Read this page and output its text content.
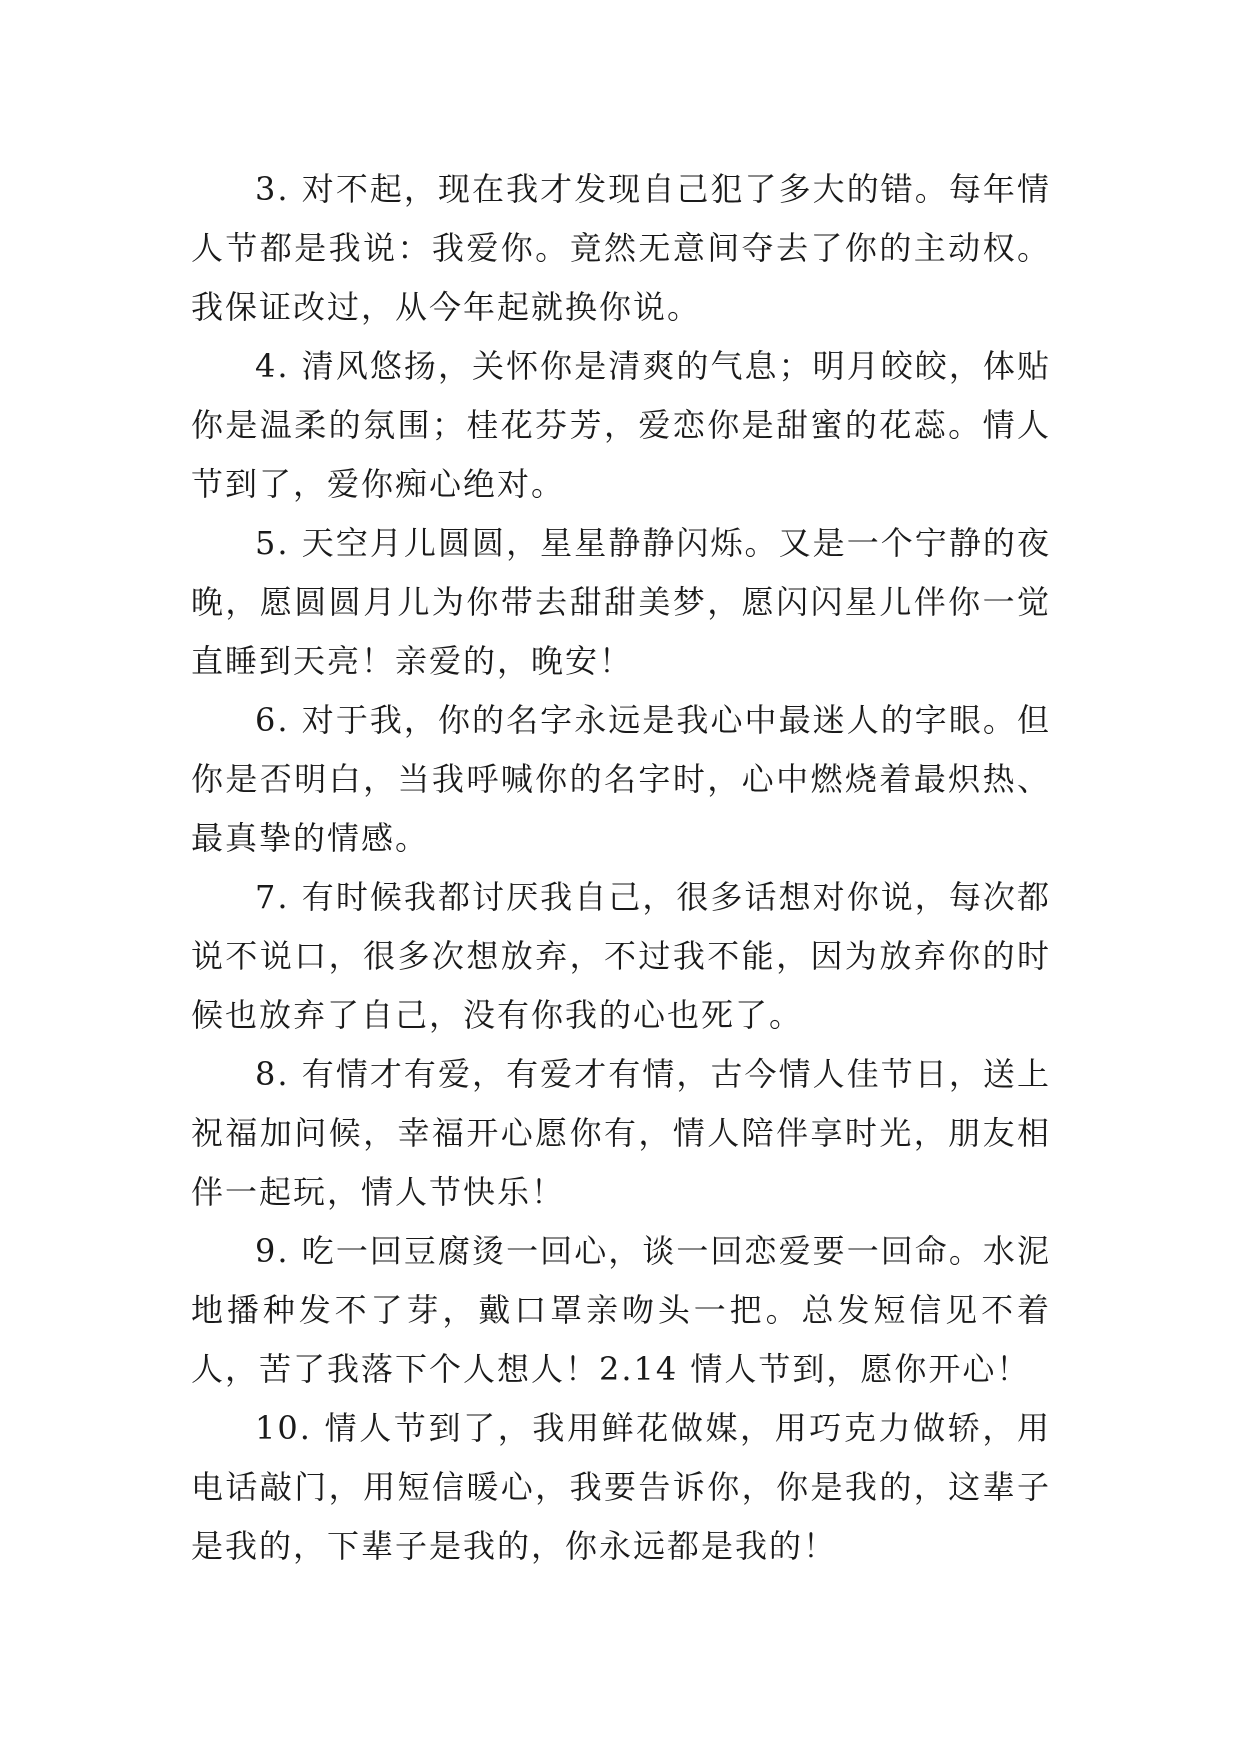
3. 对不起，现在我才发现自己犯了多大的错。每年情人节都是我说：我爱你。竟然无意间夺去了你的主动权。我保证改过，从今年起就换你说。

4. 清风悠扬，关怀你是清爽的气息；明月皎皎，体贴你是温柔的氛围；桂花芬芳，爱恋你是甜蜜的花蕊。情人节到了，爱你痴心绝对。

5. 天空月儿圆圆，星星静静闪烁。又是一个宁静的夜晚，愿圆圆月儿为你带去甜甜美梦，愿闪闪星儿伴你一觉直睡到天亮！亲爱的，晚安！

6. 对于我，你的名字永远是我心中最迷人的字眼。但你是否明白，当我呼喊你的名字时，心中燃烧着最炽热、最真挚的情感。

7. 有时候我都讨厌我自己，很多话想对你说，每次都说不说口，很多次想放弃，不过我不能，因为放弃你的时候也放弃了自己，没有你我的心也死了。

8. 有情才有爱，有爱才有情，古今情人佳节日，送上祝福加问候，幸福开心愿你有，情人陪伴享时光，朋友相伴一起玩，情人节快乐！

9. 吃一回豆腐烫一回心，谈一回恋爱要一回命。水泥地播种发不了芽，戴口罩亲吻头一把。总发短信见不着人，苦了我落下个人想人！2.14 情人节到，愿你开心！

10. 情人节到了，我用鲜花做媒，用巧克力做轿，用电话敲门，用短信暖心，我要告诉你，你是我的，这辈子是我的，下辈子是我的，你永远都是我的！
